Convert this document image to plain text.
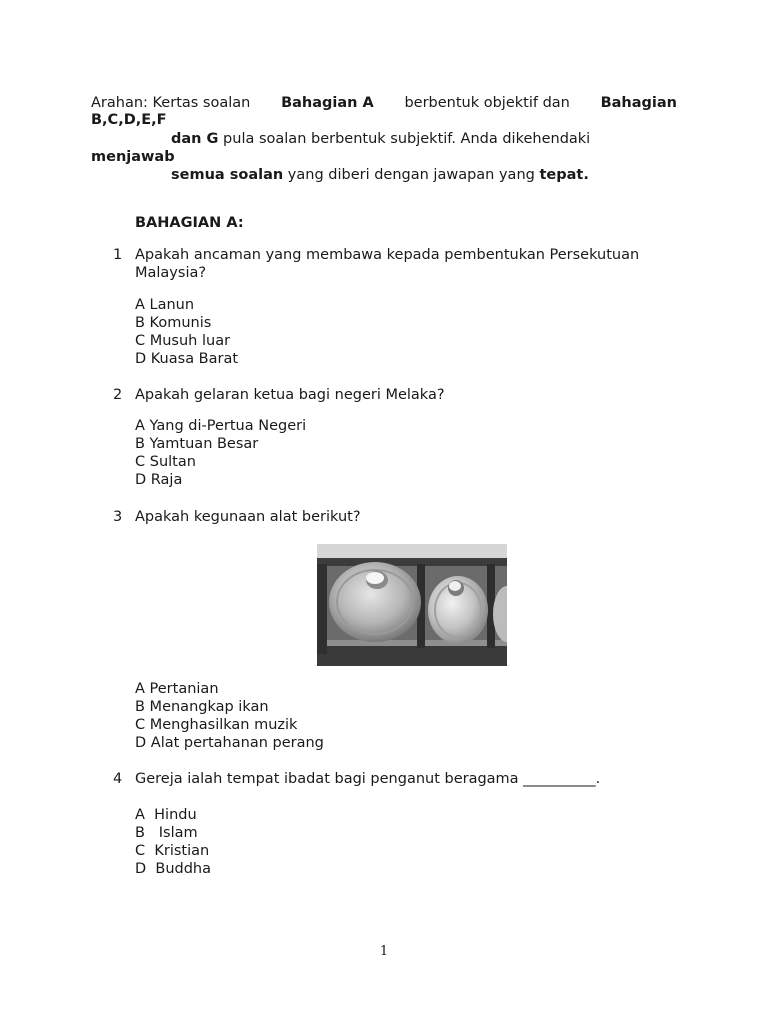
Arahan: Kertas soalan Bahagian A berbentuk objektif dan Bahagian
B,C,D,E,F
dan G pula soalan berbentuk subjektif. Anda dikehendaki
menjawab
semua soalan yang diberi dengan jawapan yang tepat.
BAHAGIAN A:
1 Apakah ancaman yang membawa kepada pembentukan Persekutuan
Malaysia?
A Lanun
B Komunis
C Musuh luar
D Kuasa Barat
2 Apakah gelaran ketua bagi negeri Melaka?
A Yang di-Pertua Negeri
B Yamtuan Besar
C Sultan
D Raja
3 Apakah kegunaan alat berikut?
A Pertanian
B Menangkap ikan
C Menghasilkan muzik
D Alat pertahanan perang
4 Gereja ialah tempat ibadat bagi penganut beragama __________.
A  Hindu
B   Islam
C  Kristian
D  Buddha
1
